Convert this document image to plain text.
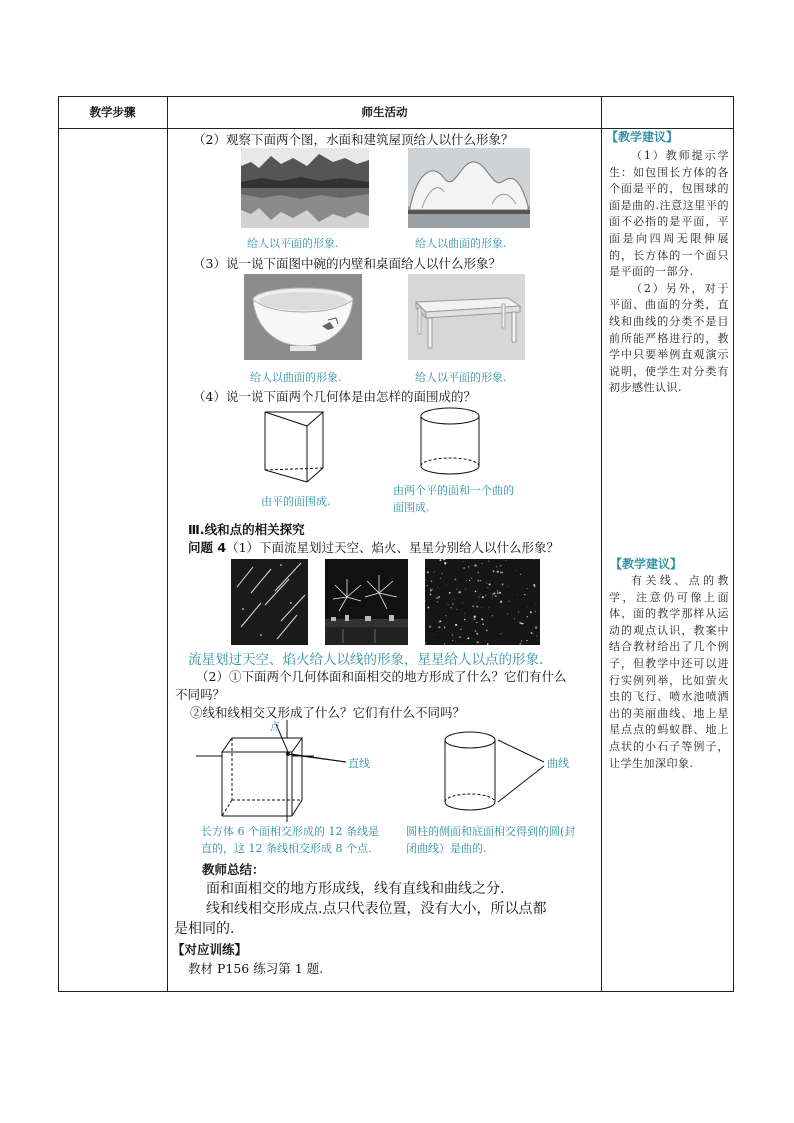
教学步骤	师生活动
（2）观察下面两个图，水面和建筑屋顶给人以什么形象？
给人以平面的形象.	给人以曲面的形象.
（3）说一说下面图中碗的内壁和桌面给人以什么形象？
给人以曲面的形象.	给人以平面的形象.
（4）说一说下面两个几何体是由怎样的面围成的？
由平的面围成.
由两个平的面和一个曲的面围成.
Ⅲ.线和点的相关探究
问题 4（1）下面流星划过天空、焰火、星星分别给人以什么形象？
流星划过天空、焰火给人以线的形象，星星给人以点的形象.
（2）①下面两个几何体面和面相交的地方形成了什么？它们有什么
不同吗？
②线和线相交又形成了什么？它们有什么不同吗？
点
直线	曲线
长方体 6 个面相交形成的 12 条线是直的，这 12 条线相交形成 8 个点.
圆柱的侧面和底面相交得到的圆(封闭曲线）是曲的.
教师总结：
面和面相交的地方形成线，线有直线和曲线之分.
线和线相交形成点.点只代表位置，没有大小，所以点都
是相同的.
【对应训练】
教材 P156 练习第 1 题.
【教学建议】

（1）教师提示学生：如包围长方体的各个面是平的，包围球的面是曲的.注意这里平的面不必指的是平面，平面是向四周无限伸展的，长方体的一个面只是平面的一部分.

（2）另外，对于平面、曲面的分类，直线和曲线的分类不是目前所能严格进行的，教学中只要举例直观演示说明，使学生对分类有初步感性认识.

【教学建议】

有关线、点的教学，注意仍可像上面体、面的教学那样从运动的观点认识，教案中结合教材给出了几个例子，但教学中还可以进行实例列举，比如萤火虫的飞行、喷水池喷洒出的美丽曲线、地上星星点点的蚂蚁群、地上点状的小石子等例子，让学生加深印象.
